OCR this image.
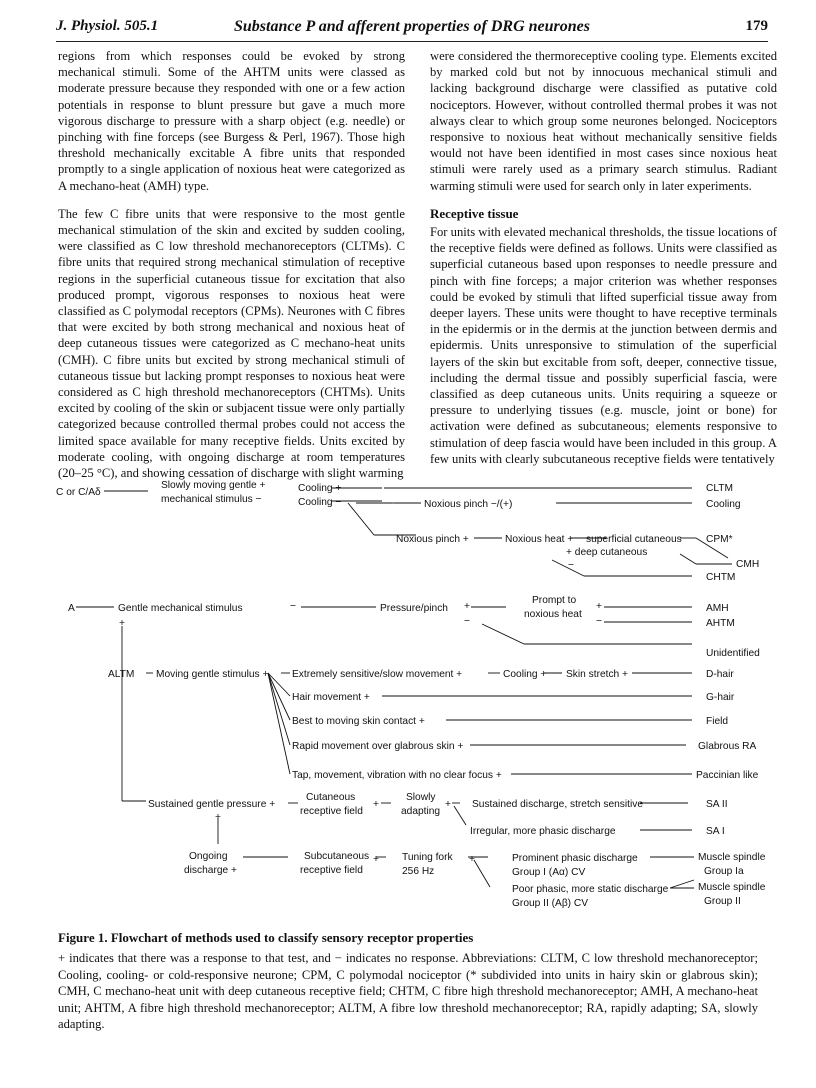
J. Physiol. 505.1	Substance P and afferent properties of DRG neurones	179

regions from which responses could be evoked by strong mechanical stimuli. Some of the AHTM units were classed as moderate pressure because they responded with one or a few action potentials in response to blunt pressure but gave a much more vigorous discharge to pressure with a sharp object (e.g. needle) or pinching with fine forceps (see Burgess & Perl, 1967). Those high threshold mechanically excitable A fibre units that responded promptly to a single application of noxious heat were categorized as A mechano-heat (AMH) type.

The few C fibre units that were responsive to the most gentle mechanical stimulation of the skin and excited by sudden cooling, were classified as C low threshold mechanoreceptors (CLTMs). C fibre units that required strong mechanical stimulation of receptive regions in the superficial cutaneous tissue for excitation that also produced prompt, vigorous responses to noxious heat were classified as C polymodal receptors (CPMs). Neurones with C fibres that were excited by both strong mechanical and noxious heat of deep cutaneous tissues were categorized as C mechano-heat units (CMH). C fibre units but excited by strong mechanical stimuli of cutaneous tissue but lacking prompt responses to noxious heat were considered as C high threshold mechanoreceptors (CHTMs). Units excited by cooling of the skin or subjacent tissue were only partially categorized because controlled thermal probes could not access the limited space available for many receptive fields. Units excited by moderate cooling, with ongoing discharge at room temperatures (20–25 °C), and showing cessation of discharge with slight warming

were considered the thermoreceptive cooling type. Elements excited by marked cold but not by innocuous mechanical stimuli and lacking background discharge were classified as putative cold nociceptors. However, without controlled thermal probes it was not always clear to which group some neurones belonged. Nociceptors responsive to noxious heat without mechanically sensitive fields would not have been identified in most cases since noxious heat stimuli were rarely used as a primary search stimulus. Radiant warming stimuli were used for search only in later experiments.

Receptive tissue

For units with elevated mechanical thresholds, the tissue locations of the receptive fields were defined as follows. Units were classified as superficial cutaneous based upon responses to needle pressure and pinch with fine forceps; a major criterion was whether responses could be evoked by stimuli that lifted superficial tissue away from deeper layers. These units were thought to have receptive terminals in the epidermis or in the dermis at the junction between dermis and epidermis. Units unresponsive to stimulation of the superficial layers of the skin but excitable from soft, deeper, connective tissue, including the dermal tissue and possibly superficial fascia, were classified as deep cutaneous units. Units requiring a squeeze or pressure to underlying tissues (e.g. muscle, joint or bone) for activation were defined as subcutaneous; elements responsive to stimulation of deep fascia would have been included in this group. A few units with clearly subcutaneous receptive fields were tentatively

C or C/Aδ
Slowly moving gentle +
mechanical stimulus −
Cooling +
Cooling −	Noxious pinch −/(+)
Noxious pinch +	Noxious heat + superficial cutaneous
+ deep cutaneous
−
A	Gentle mechanical stimulus	−
+
Pressure/pinch +
−
Prompt to
noxious heat
+
−
ALTM Moving gentle stimulus + Extremely sensitive/slow movement +	Cooling + Skin stretch +
Hair movement +
Best to moving skin contact +
Rapid movement over glabrous skin +
Tap, movement, vibration with no clear focus +
Sustained gentle pressure +
+
Cutaneous
receptive field
+
Slowly
adapting
+ Sustained discharge, stretch sensitive
Irregular, more phasic discharge
Ongoing
discharge +
Subcutaneous
receptive field
+ Tuning fork
256 Hz
+	Prominent phasic discharge
Group I (Aα) CV
Poor phasic, more static discharge
Group II (Aβ) CV
CLTM
Cooling
CPM*
CMH
CHTM
AMH
AHTM
Unidentified
D-hair
G-hair
Field
Glabrous RA
Paccinian like
SA II
SA I
Muscle spindle
Group Ia
Muscle spindle
Group II

Figure 1. Flowchart of methods used to classify sensory receptor properties

+ indicates that there was a response to that test, and − indicates no response. Abbreviations: CLTM, C low threshold mechanoreceptor; Cooling, cooling- or cold-responsive neurone; CPM, C polymodal nociceptor (* subdivided into units in hairy skin or glabrous skin); CMH, C mechano-heat unit with deep cutaneous receptive field; CHTM, C fibre high threshold mechanoreceptor; AMH, A mechano-heat unit; AHTM, A fibre high threshold mechanoreceptor; ALTM, A fibre low threshold mechanoreceptor; RA, rapidly adapting; SA, slowly adapting.
